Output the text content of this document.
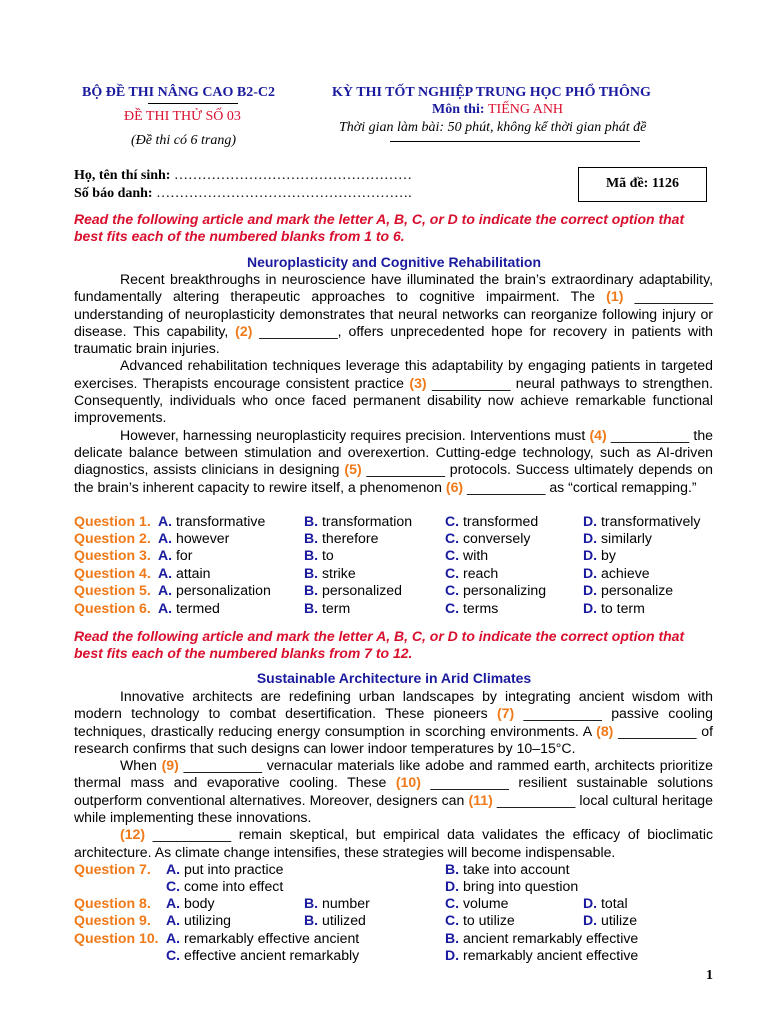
BỘ ĐỀ THI NÂNG CAO B2-C2
ĐỀ THI THỬ SỐ 03
(Đề thi có 6 trang)
KỲ THI TỐT NGHIỆP TRUNG HỌC PHỔ THÔNG
Môn thi: TIẾNG ANH
Thời gian làm bài: 50 phút, không kể thời gian phát đề
Họ, tên thí sinh: ……………………………………………
Số báo danh: ……………………………………………….
Mã đề: 1126
Read the following article and mark the letter A, B, C, or D to indicate the correct option that best fits each of the numbered blanks from 1 to 6.
Neuroplasticity and Cognitive Rehabilitation

Recent breakthroughs in neuroscience have illuminated the brain’s extraordinary adaptability, fundamentally altering therapeutic approaches to cognitive impairment. The (1) __________ understanding of neuroplasticity demonstrates that neural networks can reorganize following injury or disease. This capability, (2) __________, offers unprecedented hope for recovery in patients with traumatic brain injuries.

Advanced rehabilitation techniques leverage this adaptability by engaging patients in targeted exercises. Therapists encourage consistent practice (3) __________ neural pathways to strengthen. Consequently, individuals who once faced permanent disability now achieve remarkable functional improvements.

However, harnessing neuroplasticity requires precision. Interventions must (4) __________ the delicate balance between stimulation and overexertion. Cutting-edge technology, such as AI-driven diagnostics, assists clinicians in designing (5) __________ protocols. Success ultimately depends on the brain’s inherent capacity to rewire itself, a phenomenon (6) __________ as “cortical remapping.”

Question 1. A. transformative	B. transformation C. transformed	D. transformatively
Question 2. A. however	B. therefore	C. conversely	D. similarly
Question 3. A. for	B. to	C. with	D. by
Question 4. A. attain	B. strike	C. reach	D. achieve
Question 5. A. personalization B. personalized	C. personalizing	D. personalize
Question 6. A. termed	B. term	C. terms	D. to term
Read the following article and mark the letter A, B, C, or D to indicate the correct option that best fits each of the numbered blanks from 7 to 12.
Sustainable Architecture in Arid Climates

Innovative architects are redefining urban landscapes by integrating ancient wisdom with modern technology to combat desertification. These pioneers (7) __________ passive cooling techniques, drastically reducing energy consumption in scorching environments. A (8) __________ of research confirms that such designs can lower indoor temperatures by 10–15°C.

When (9) __________ vernacular materials like adobe and rammed earth, architects prioritize thermal mass and evaporative cooling. These (10) __________ resilient sustainable solutions outperform conventional alternatives. Moreover, designers can (11) __________ local cultural heritage while implementing these innovations.

(12) __________ remain skeptical, but empirical data validates the efficacy of bioclimatic architecture. As climate change intensifies, these strategies will become indispensable.

Question 7. A. put into practice	B. take into account
C. come into effect	D. bring into question
Question 8. A. body	B. number	C. volume	D. total
Question 9. A. utilizing	B. utilized	C. to utilize	D. utilize
Question 10. A. remarkably effective ancient	B. ancient remarkably effective
C. effective ancient remarkably	D. remarkably ancient effective
1
